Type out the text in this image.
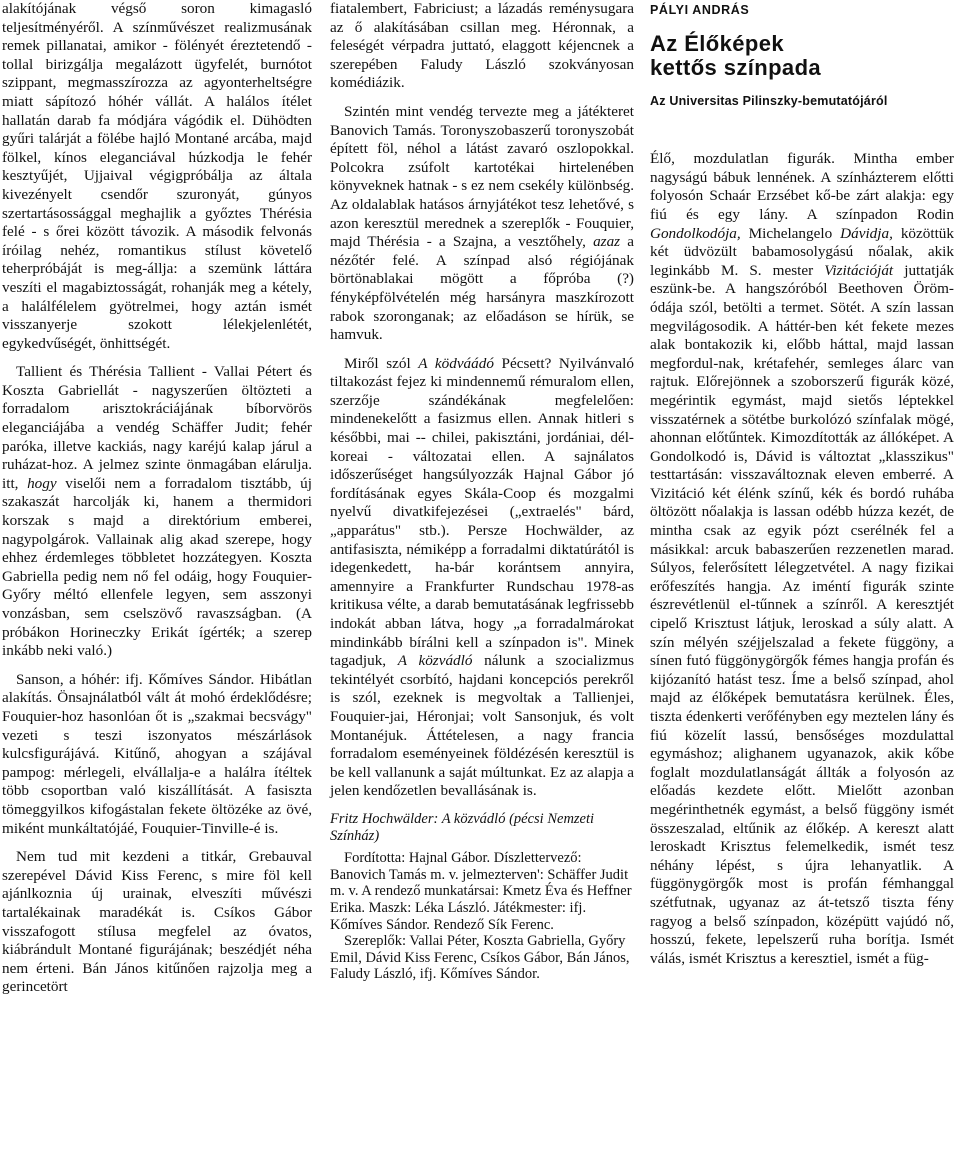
alakítójának végső soron kimagasló teljesítményéről. A színművészet realizmusának remek pillanatai, amikor - fölényét éreztetendő - tollal birizgálja megalázott ügyfelét, burnótot szippant, megmasszírozza az agyonterheltségre miatt sápítozó hóhér vállát. A halálos ítélet hallatán darab fa módjára vágódik el. Dühödten gyűri talárját a fölébe hajló Montané arcába, majd fölkel, kínos eleganciával húzkodja le fehér kesztyűjét, Ujjaival végigpróbálja az általa kivezényelt csendőr szuronyát, gúnyos szertartásossággal meghajlik a győztes Thérésia felé - s őrei között távozik. A második felvonás íróilag nehéz, romantikus stílust követelő teherpróbáját is meg-állja: a szemünk láttára veszíti el magabiztosságát, rohanják meg a kétely, a halálfélelem gyötrelmei, hogy aztán ismét visszanyerje szokott lélekjelenlétét, egykedvűségét, önhittségét.

Tallient és Thérésia Tallient - Vallai Pétert és Koszta Gabriellát - nagyszerűen öltözteti a forradalom arisztokráciájának bíborvörös eleganciájába a vendég Schäffer Judit; fehér paróka, illetve kackiás, nagy karéjú kalap járul a ruházat-hoz. A jelmez szinte önmagában elárulja. itt, hogy viselői nem a forradalom tisztább, új szakaszát harcolják ki, hanem a thermidori korszak s majd a direktórium emberei, nagypolgárok. Vallainak alig akad szerepe, hogy ehhez érdemleges többletet hozzátegyen. Koszta Gabriella pedig nem nő fel odáig, hogy Fouquier-Győry méltó ellenfele legyen, sem asszonyi vonzásban, sem cselszövő ravaszságban. (A próbákon Horineczky Erikát ígérték; a szerep inkább neki való.)

Sanson, a hóhér: ifj. Kőmíves Sándor. Hibátlan alakítás. Önsajnálatból vált át mohó érdeklődésre; Fouquier-hoz hasonlóan őt is „szakmai becsvágy" vezeti s teszi iszonyatos mészárlások kulcsfigurájává. Kitűnő, ahogyan a szájával pampog: mérlegeli, elvállalja-e a halálra ítéltek több csoportban való kiszállítását. A fasiszta tömeggyilkos kifogástalan fekete öltözéke az övé, miként munkáltatójáé, Fouquier-Tinville-é is.

Nem tud mit kezdeni a titkár, Grebauval szerepével Dávid Kiss Ferenc, s mire föl kell ajánlkoznia új urainak, elveszíti művészi tartalékainak maradékát is. Csíkos Gábor visszafogott stílusa megfelel az óvatos, kiábrándult Montané figurájának; beszédjét néha nem érteni. Bán János kitűnően rajzolja meg a gerincetört

fiatalembert, Fabriciust; a lázadás reménysugara az ő alakításában csillan meg. Héronnak, a feleségét vérpadra juttató, elaggott kéjencnek a szerepében Faludy László szokványosan komédiázik.

Szintén mint vendég tervezte meg a játékteret Banovich Tamás. Toronyszobaszerű toronyszobát épített föl, néhol a látást zavaró oszlopokkal. Polcokra zsúfolt kartotékai hirtelenében könyveknek hatnak - s ez nem csekély különbség. Az oldalablak hatásos árnyjátékot tesz lehetővé, s azon keresztül merednek a szereplők - Fouquier, majd Thérésia - a Szajna, a vesztőhely, azaz a nézőtér felé. A színpad alsó régiójának börtönablakai mögött a főpróba (?) fényképfölvételén még harsányra maszkírozott rabok szoronganak; az előadáson se hírük, se hamvuk.

Miről szól A ködváádó Pécsett? Nyilvánvaló tiltakozást fejez ki mindennemű rémuralom ellen, szerzője szándékának megfelelően: mindenekelőtt a fasizmus ellen. Annak hitleri s későbbi, mai -- chilei, pakisztáni, jordániai, dél-koreai - változatai ellen. A sajnálatos időszerűséget hangsúlyozzák Hajnal Gábor jó fordításának egyes Skála-Coop és mozgalmi nyelvű divatkifejezései („extraelés" bárd, „apparátus" stb.). Persze Hochwälder, az antifasiszta, némiképp a forradalmi diktatúrától is idegenkedett, ha-bár korántsem annyira, amennyire a Frankfurter Rundschau 1978-as kritikusa vélte, a darab bemutatásának legfrissebb indokát abban látva, hogy „a forradalmárokat mindinkább bírálni kell a színpadon is". Minek tagadjuk, A közvádló nálunk a szocializmus tekintélyét csorbító, hajdani koncepciós perekről is szól, ezeknek is megvoltak a Tallienjei, Fouquier-jai, Héronjai; volt Sansonjuk, és volt Montanéjuk. Áttételesen, a nagy francia forradalom eseményeinek földézésén keresztül is be kell vallanunk a saját múltunkat. Ez az alapja a jelen kendőzetlen bevallásának is.

Fritz Hochwälder: A közvádló (pécsi Nemzeti Színház)

Fordította: Hajnal Gábor. Díszlettervező: Banovich Tamás m. v. jelmezterven': Schäffer Judit m. v. A rendező munkatársai: Kmetz Éva és Heffner Erika. Maszk: Léka László. Játékmester: ifj. Kőmíves Sándor. Rendező Sík Ferenc.

Szereplők: Vallai Péter, Koszta Gabriella, Győry Emil, Dávid Kiss Ferenc, Csíkos Gábor, Bán János, Faludy László, ifj. Kőmíves Sándor.

PÁLYI ANDRÁS
Az Élőképek
kettős színpada
Az Universitas Pilinszky-bemutatójáról

Élő, mozdulatlan figurák. Mintha ember nagyságú bábuk lennének. A színházterem előtti folyosón Schaár Erzsébet kő-be zárt alakja: egy fiú és egy lány. A színpadon Rodin Gondolkodója, Michelangelo Dávidja, közöttük két üdvözült babamosolygású nőalak, akik leginkább M. S. mester Vizitációját juttatják eszünk-be. A hangszóróból Beethoven Öröm-ódája szól, betölti a termet. Sötét. A szín lassan megvilágosodik. A háttér-ben két fekete mezes alak bontakozik ki, előbb háttal, majd lassan megfordul-nak, krétafehér, semleges álarc van rajtuk. Előrejönnek a szoborszerű figurák közé, megérintik egymást, majd sietős léptekkel visszatérnek a sötétbe burkolózó színfalak mögé, ahonnan előtűntek. Kimozdították az állóképet. A Gondolkodó is, Dávid is változtat „klasszikus" testtartásán: visszaváltoznak eleven emberré. A Vizitáció két élénk színű, kék és bordó ruhába öltözött nőalakja is lassan odébb húzza kezét, de mintha csak az egyik pózt cserélnék fel a másikkal: arcuk babaszerűen rezzenetlen marad. Súlyos, felerősített lélegzetvétel. A nagy fizikai erőfeszítés hangja. Az iméntí figurák szinte észrevétlenül el-tűnnek a színről. A keresztjét cipelő Krisztust látjuk, leroskad a súly alatt. A szín mélyén széjjelszalad a fekete függöny, a sínen futó függönygörgők fémes hangja profán és kijózanító hatást tesz. Íme a belső színpad, ahol majd az élőképek bemutatásra kerülnek. Éles, tiszta édenkerti verőfényben egy meztelen lány és fiú közelít lassú, bensőséges mozdulattal egymáshoz; alighanem ugyanazok, akik kőbe foglalt mozdulatlanságát állták a folyosón az előadás kezdete előtt. Mielőtt azonban megérinthetnék egymást, a belső függöny ismét összeszalad, eltűnik az élőkép. A kereszt alatt leroskadt Krisztus felemelkedik, ismét tesz néhány lépést, s újra lehanyatlik. A függönygörgők most is profán fémhanggal szétfutnak, ugyanaz az át-tetsző tiszta fény ragyog a belső színpadon, középütt vajúdó nő, hosszú, fekete, lepelszerű ruha borítja. Ismét válás, ismét Krisztus a keresztiel, ismét a füg-
